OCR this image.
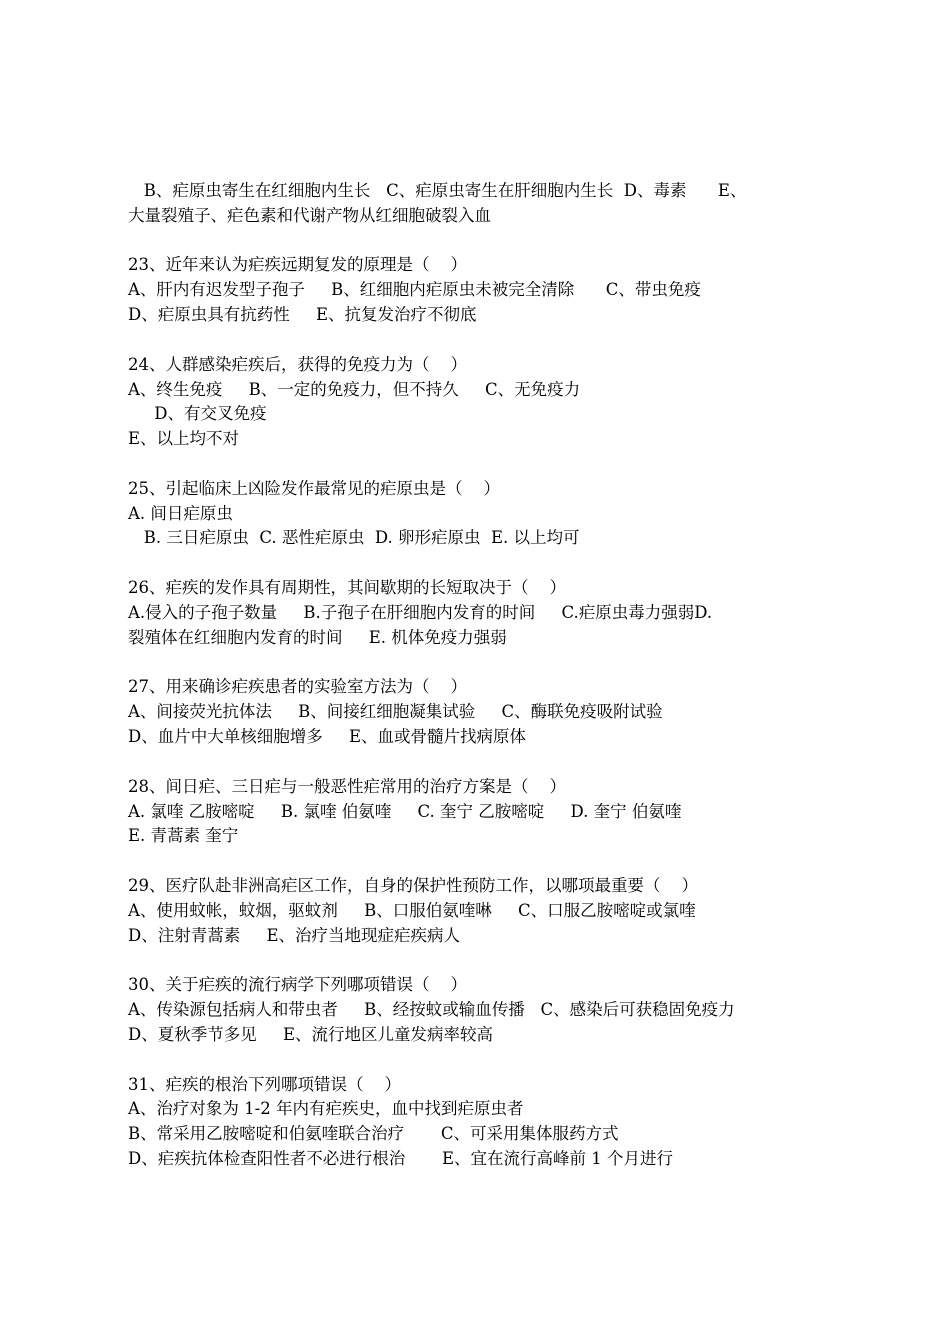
B、疟原虫寄生在红细胞内生长   C、疟原虫寄生在肝细胞内生长  D、毒素      E、
大量裂殖子、疟色素和代谢产物从红细胞破裂入血
23、近年来认为疟疾远期复发的原理是（    ）
A、肝内有迟发型子孢子     B、红细胞内疟原虫未被完全清除      C、带虫免疫
D、疟原虫具有抗药性     E、抗复发治疗不彻底
24、人群感染疟疾后，获得的免疫力为（    ）
A、终生免疫     B、一定的免疫力，但不持久     C、无免疫力
D、有交叉免疫
E、以上均不对
25、引起临床上凶险发作最常见的疟原虫是（    ）
A. 间日疟原虫
B. 三日疟原虫  C. 恶性疟原虫  D. 卵形疟原虫  E. 以上均可
26、疟疾的发作具有周期性，其间歇期的长短取决于（    ）
A.侵入的子孢子数量     B.子孢子在肝细胞内发育的时间     C.疟原虫毒力强弱D.
裂殖体在红细胞内发育的时间     E. 机体免疫力强弱
27、用来确诊疟疾患者的实验室方法为（    ）
A、间接荧光抗体法     B、间接红细胞凝集试验     C、酶联免疫吸附试验
D、血片中大单核细胞增多     E、血或骨髓片找病原体
28、间日疟、三日疟与一般恶性疟常用的治疗方案是（    ）
A. 氯喹 乙胺嘧啶     B. 氯喹 伯氨喹     C. 奎宁 乙胺嘧啶     D. 奎宁 伯氨喹
E. 青蒿素 奎宁
29、医疗队赴非洲高疟区工作，自身的保护性预防工作，以哪项最重要（    ）
A、使用蚊帐，蚊烟，驱蚊剂     B、口服伯氨喹啉     C、口服乙胺嘧啶或氯喹
D、注射青蒿素     E、治疗当地现症疟疾病人
30、关于疟疾的流行病学下列哪项错误（    ）
A、传染源包括病人和带虫者     B、经按蚊或输血传播   C、感染后可获稳固免疫力
D、夏秋季节多见     E、流行地区儿童发病率较高
31、疟疾的根治下列哪项错误（    ）
A、治疗对象为 1-2 年内有疟疾史，血中找到疟原虫者
B、常采用乙胺嘧啶和伯氨喹联合治疗       C、可采用集体服药方式
D、疟疾抗体检查阳性者不必进行根治       E、宜在流行高峰前 1 个月进行
